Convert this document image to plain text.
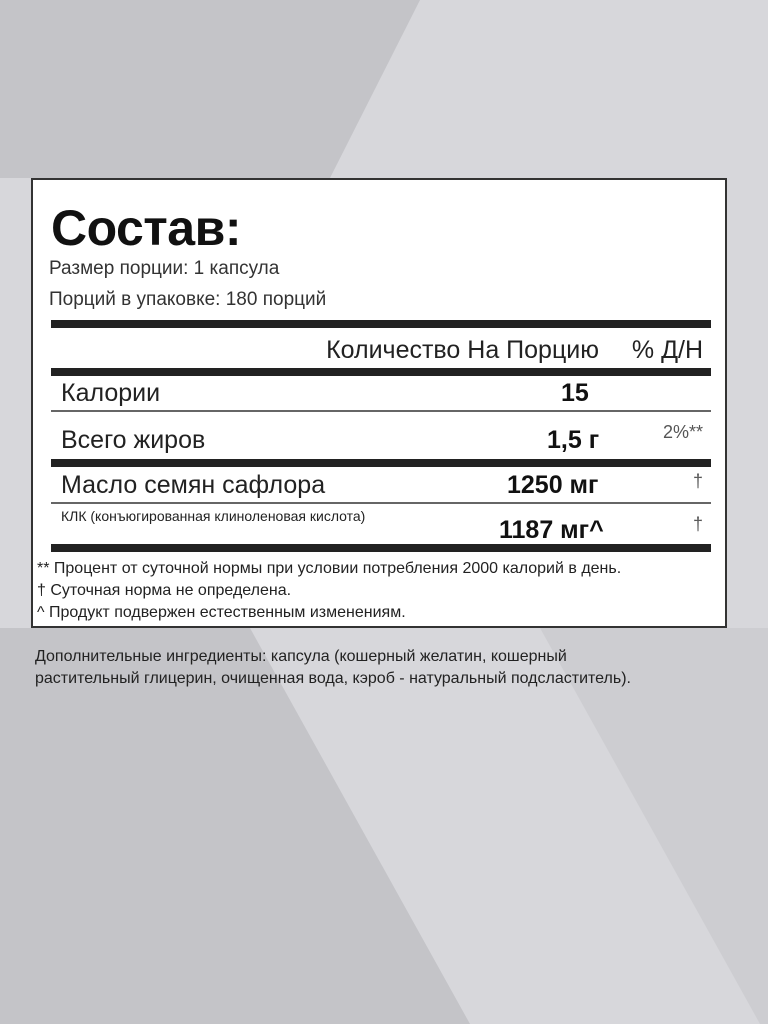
Состав:
Размер порции: 1 капсула
Порций в упаковке: 180 порций
Количество На Порцию % Д/Н
Калории	15
Всего жиров	1,5 г	2%**
Масло семян сафлора	1250 мг	†
КЛК (конъюгированная клиноленовая кислота)	1187 мг^	†
** Процент от суточной нормы при условии потребления 2000 калорий в день.
† Суточная норма не определена.
^ Продукт подвержен естественным изменениям.

Дополнительные ингредиенты: капсула (кошерный желатин, кошерный растительный глицерин, очищенная вода, кэроб - натуральный подсластитель).
